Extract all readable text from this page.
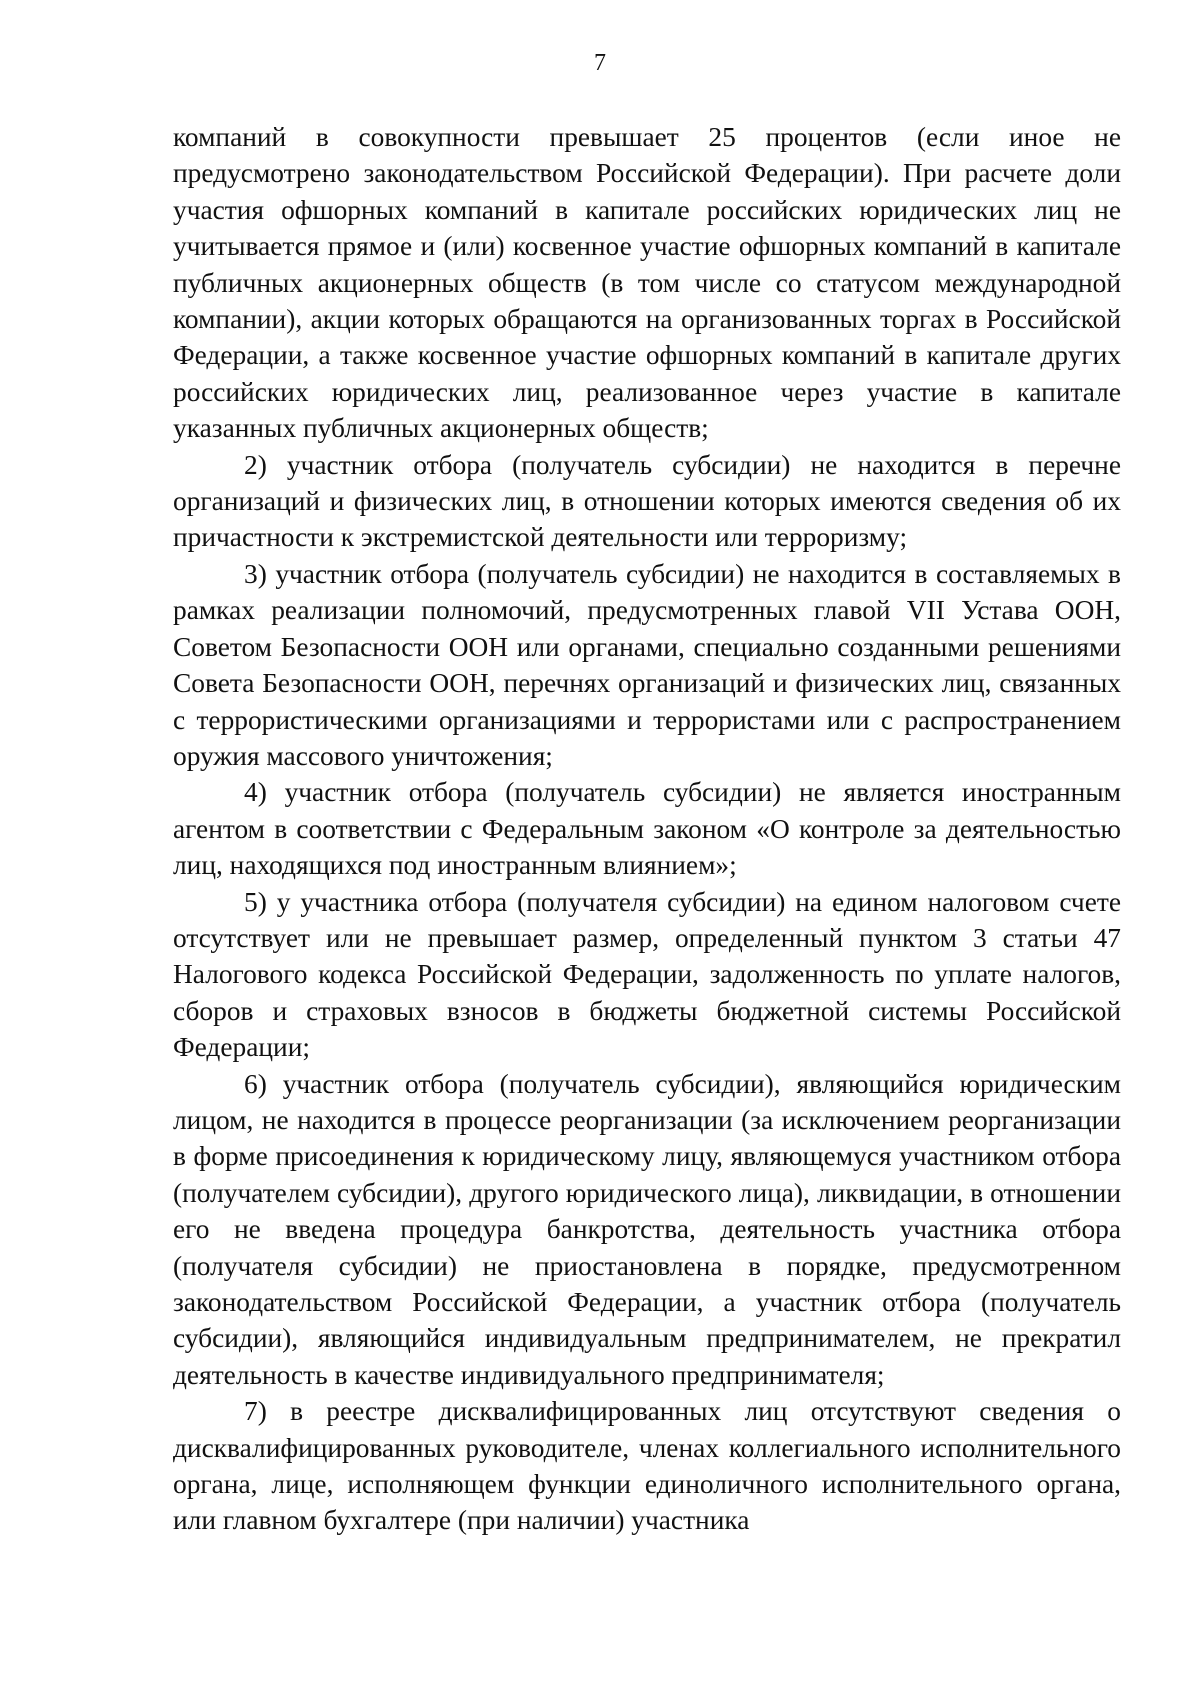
7

компаний в совокупности превышает 25 процентов (если иное не предусмотрено законодательством Российской Федерации). При расчете доли участия офшорных компаний в капитале российских юридических лиц не учитывается прямое и (или) косвенное участие офшорных компаний в капитале публичных акционерных обществ (в том числе со статусом международной компании), акции которых обращаются на организованных торгах в Российской Федерации, а также косвенное участие офшорных компаний в капитале других российских юридических лиц, реализованное через участие в капитале указанных публичных акционерных обществ;

2) участник отбора (получатель субсидии) не находится в перечне организаций и физических лиц, в отношении которых имеются сведения об их причастности к экстремистской деятельности или терроризму;

3) участник отбора (получатель субсидии) не находится в составляемых в рамках реализации полномочий, предусмотренных главой VII Устава ООН, Советом Безопасности ООН или органами, специально созданными решениями Совета Безопасности ООН, перечнях организаций и физических лиц, связанных с террористическими организациями и террористами или с распространением оружия массового уничтожения;

4) участник отбора (получатель субсидии) не является иностранным агентом в соответствии с Федеральным законом «О контроле за деятельностью лиц, находящихся под иностранным влиянием»;

5) у участника отбора (получателя субсидии) на едином налоговом счете отсутствует или не превышает размер, определенный пунктом 3 статьи 47 Налогового кодекса Российской Федерации, задолженность по уплате налогов, сборов и страховых взносов в бюджеты бюджетной системы Российской Федерации;

6) участник отбора (получатель субсидии), являющийся юридическим лицом, не находится в процессе реорганизации (за исключением реорганизации в форме присоединения к юридическому лицу, являющемуся участником отбора (получателем субсидии), другого юридического лица), ликвидации, в отношении его не введена процедура банкротства, деятельность участника отбора (получателя субсидии) не приостановлена в порядке, предусмотренном законодательством Российской Федерации, а участник отбора (получатель субсидии), являющийся индивидуальным предпринимателем, не прекратил деятельность в качестве индивидуального предпринимателя;

7) в реестре дисквалифицированных лиц отсутствуют сведения о дисквалифицированных руководителе, членах коллегиального исполнительного органа, лице, исполняющем функции единоличного исполнительного органа, или главном бухгалтере (при наличии) участника
